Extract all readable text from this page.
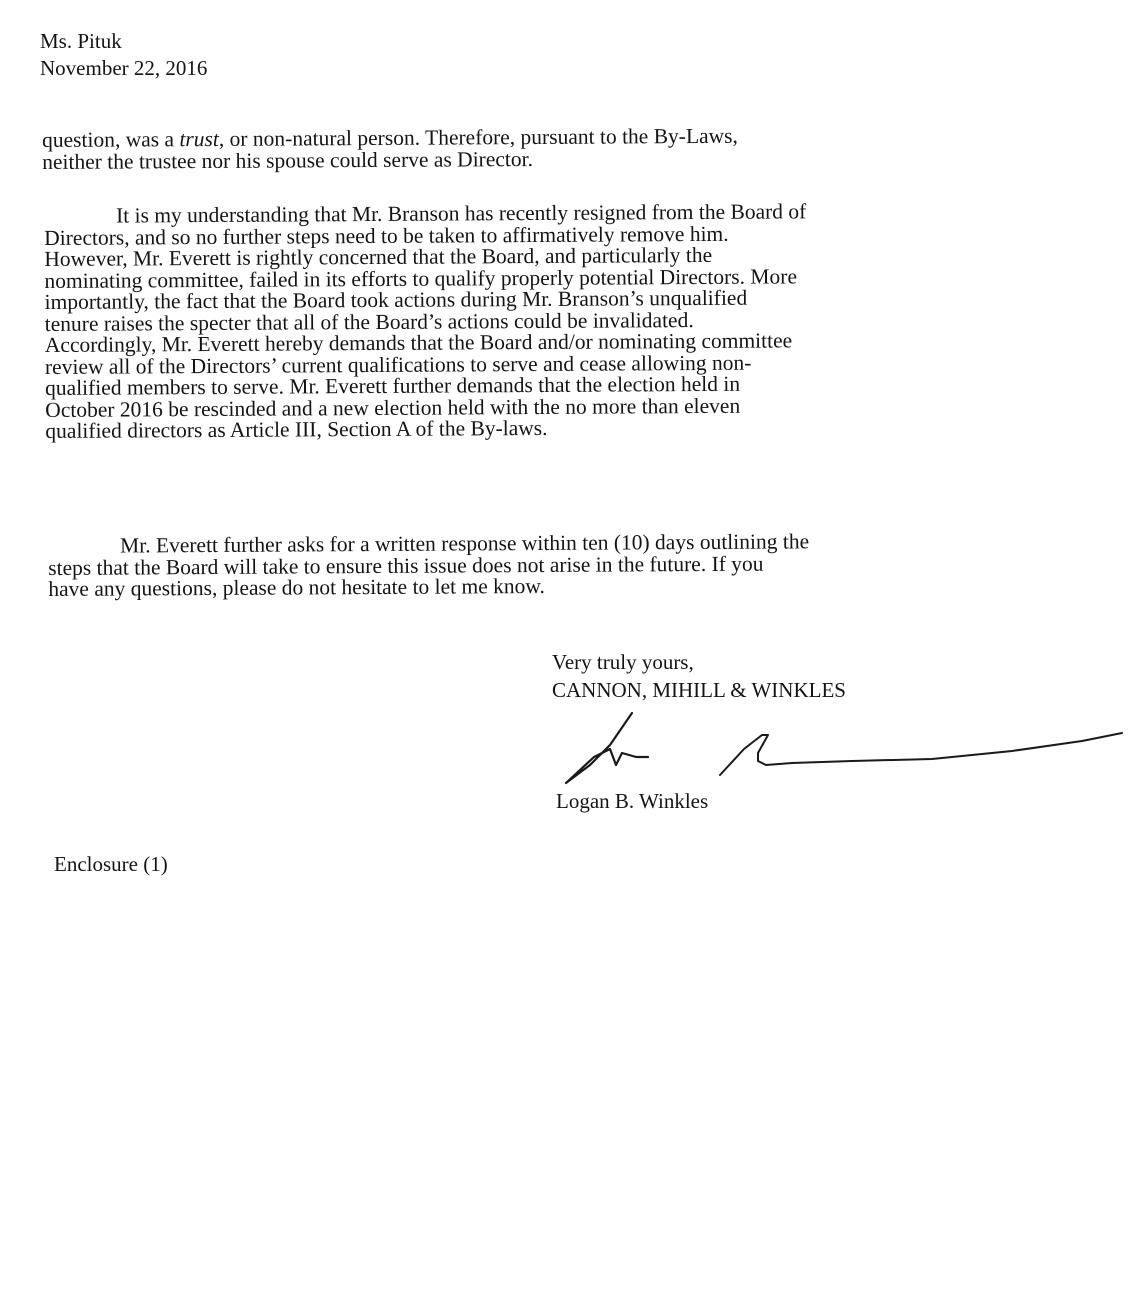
Ms. Pituk
November 22, 2016
question, was a trust, or non-natural person. Therefore, pursuant to the By-Laws,
neither the trustee nor his spouse could serve as Director.
It is my understanding that Mr. Branson has recently resigned from the Board of
Directors, and so no further steps need to be taken to affirmatively remove him.
However, Mr. Everett is rightly concerned that the Board, and particularly the
nominating committee, failed in its efforts to qualify properly potential Directors. More
importantly, the fact that the Board took actions during Mr. Branson’s unqualified
tenure raises the specter that all of the Board’s actions could be invalidated.
Accordingly, Mr. Everett hereby demands that the Board and/or nominating committee
review all of the Directors’ current qualifications to serve and cease allowing non-
qualified members to serve. Mr. Everett further demands that the election held in
October 2016 be rescinded and a new election held with the no more than eleven
qualified directors as Article III, Section A of the By-laws.
Mr. Everett further asks for a written response within ten (10) days outlining the
steps that the Board will take to ensure this issue does not arise in the future. If you
have any questions, please do not hesitate to let me know.
Very truly yours,
CANNON, MIHILL & WINKLES
Logan B. Winkles
Enclosure (1)
